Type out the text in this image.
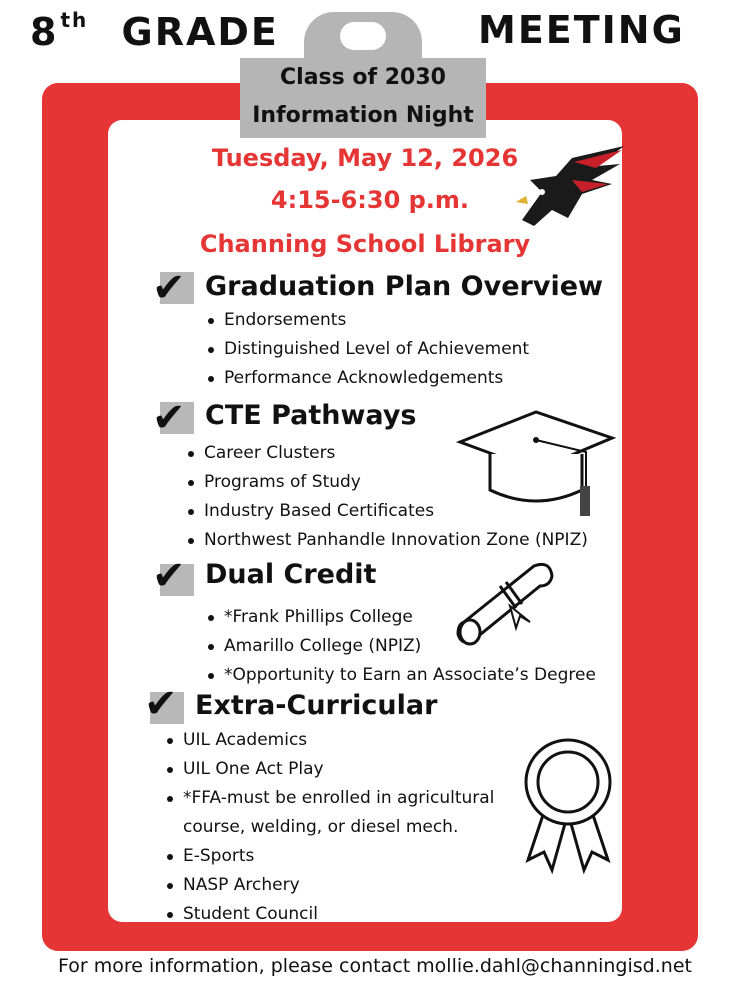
8 $^{th}$ GRADE	MEETING
Class of 2030
Information Night
Tuesday, May 12, 2026
4:15-6:30 p.m.
Channing School Library
✔ Graduation Plan Overview
Endorsements
Distinguished Level of Achievement
Performance Acknowledgements
✔ CTE Pathways
Career Clusters
Programs of Study
Industry Based Certificates
Northwest Panhandle Innovation Zone (NPIZ)
✔ Dual Credit
*Frank Phillips College
Amarillo College (NPIZ)
*Opportunity to Earn an Associate’s Degree
✔ Extra-Curricular
UIL Academics
UIL One Act Play
*FFA-must be enrolled in agricultural
course, welding, or diesel mech.
E-Sports
NASP Archery
Student Council
For more information, please contact mollie.dahl@channingisd.net
